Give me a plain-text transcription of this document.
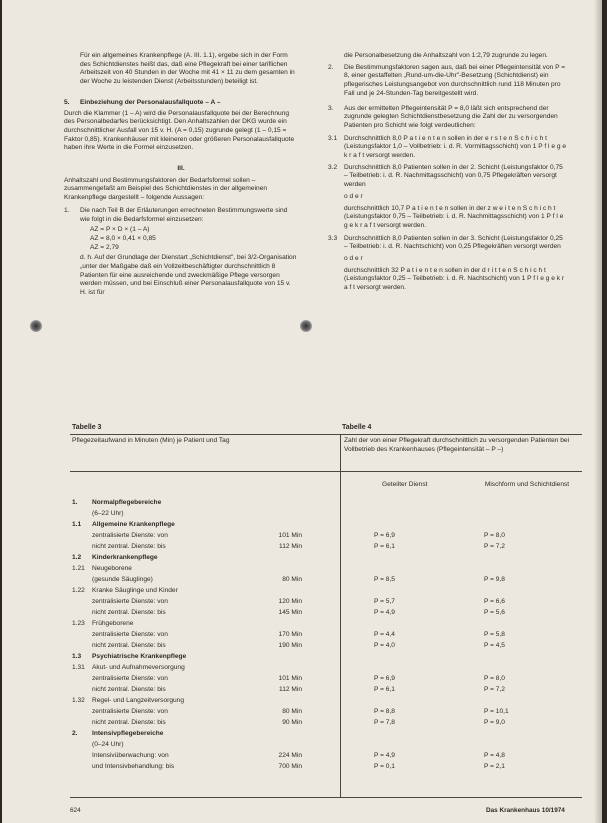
Für ein allgemeines Krankenpflege (A. III. 1.1), ergebe sich in der Form des Schichtdienstes heißt das, daß eine Pflegekraft bei einer tariflichen Arbeitszeit von 40 Stunden in der Woche mit 41 × 11 zu dem gesamten in der Woche zu leistenden Dienst (Arbeitsstunden) beteiligt ist.

5.	Einbeziehung der Personalausfallquote – A –

Durch die Klammer (1 – A) wird die Personalausfallquote bei der Berechnung des Personalbedarfes berücksichtigt. Den Anhaltszahlen der DKG wurde ein durchschnittlicher Ausfall von 15 v. H. (A = 0,15) zugrunde gelegt (1 – 0,15 = Faktor 0,85). Krankenhäuser mit kleineren oder größeren Personalausfallquote haben ihre Werte in die Formel einzusetzen.

III.

Anhaltszahl und Bestimmungsfaktoren der Bedarfsformel sollen – zusammengefaßt am Beispiel des Schichtdienstes in der allgemeinen Krankenpflege dargestellt – folgende Aussagen:

1.	Die nach Teil B der Erläuterungen errechneten Bestimmungswerte sind wie folgt in die Bedarfsformel einzusetzen:

AZ = P × D × (1 – A)
AZ = 8,0 × 0,41 × 0,85
AZ = 2,79

d. h. Auf der Grundlage der Dienstart „Schichtdienst", bei 3/2-Organisation „unter der Maßgabe daß ein Vollzeitbeschäftigter durchschnittlich 8 Patienten für eine ausreichende und zweckmäßige Pflege versorgen werden müssen, und bei Einschluß einer Personalausfallquote von 15 v. H. ist für

die Personalbesetzung die Anhaltszahl von 1:2,79 zugrunde zu legen.

2.	Die Bestimmungsfaktoren sagen aus, daß bei einer Pflegeintensität von P = 8, einer gestaffelten „Rund-um-die-Uhr"-Besetzung (Schichtdienst) ein pflegerisches Leistungsangebot von durchschnittlich rund 118 Minuten pro Fall und je 24-Stunden-Tag bereitgestellt wird.

3.	Aus der ermittelten Pflegeintensität P = 8,0 läßt sich entsprechend der zugrunde gelegten Schichtdienstbesetzung die Zahl der zu versorgenden Patienten pro Schicht wie folgt verdeutlichen:

3.1	Durchschnittlich 8,0 P a t i e n t e n sollen in der e r s t e n S c h i c h t (Leistungsfaktor 1,0 – Vollbetrieb: i. d. R. Vormittagsschicht) von 1 P f l e g e k r a f t versorgt werden.

3.2	Durchschnittlich 8,0 Patienten sollen in der 2. Schicht (Leistungsfaktor 0,75 – Teilbetrieb: i. d. R. Nachmittagsschicht) von 0,75 Pflegekräften versorgt werden

o d e r

durchschnittlich 10,7 P a t i e n t e n sollen in der z w e i t e n S c h i c h t (Leistungsfaktor 0,75 – Teilbetrieb: i. d. R. Nachmittagsschicht) von 1 P f l e g e k r a f t versorgt werden.

3.3	Durchschnittlich 8,0 Patienten sollen in der 3. Schicht (Leistungsfaktor 0,25 – Teilbetrieb: i. d. R. Nachtschicht) von 0,25 Pflegekräften versorgt werden

o d e r

durchschnittlich 32 P a t i e n t e n sollen in der d r i t t e n S c h i c h t (Leistungsfaktor 0,25 – Teilbetrieb: i. d. R. Nachtschicht) von 1 P f l e g e k r a f t versorgt werden.

Tabelle 3	Tabelle 4
Pflegezeitaufwand in Minuten (Min) je Patient und Tag	Zahl der von einer Pflegekraft durchschnittlich zu versorgenden Patienten bei Vollbetrieb des Krankenhauses (Pflegeintensität – P –)
Geteilter Dienst	Mischform und Schichtdienst
1.	Normalpflegebereiche			
	(6–22 Uhr)			
1.1	Allgemeine Krankenpflege			
	zentralisierte Dienste: von	101 Min	P = 6,9	P = 8,0
	nicht zentral. Dienste: bis	112 Min	P = 6,1	P = 7,2
1.2	Kinderkrankenpflege			
1.21	Neugeborene			
	(gesunde Säuglinge)	80 Min	P = 8,5	P = 9,8
1.22	Kranke Säuglinge und Kinder			
	zentralisierte Dienste: von	120 Min	P = 5,7	P = 6,6
	nicht zentral. Dienste: bis	145 Min	P = 4,9	P = 5,6
1.23	Frühgeborene			
	zentralisierte Dienste: von	170 Min	P = 4,4	P = 5,8
	nicht zentral. Dienste: bis	190 Min	P = 4,0	P = 4,5
1.3	Psychiatrische Krankenpflege			
1.31	Akut- und Aufnahmeversorgung			
	zentralisierte Dienste: von	101 Min	P = 6,9	P = 8,0
	nicht zentral. Dienste: bis	112 Min	P = 6,1	P = 7,2
1.32	Regel- und Langzeitversorgung			
	zentralisierte Dienste: von	80 Min	P = 8,8	P = 10,1
	nicht zentral. Dienste: bis	90 Min	P = 7,8	P = 9,0
2.	Intensivpflegebereiche			
	(0–24 Uhr)			
	Intensivüberwachung: von	224 Min	P = 4,9	P = 4,8
	und Intensivbehandlung: bis	700 Min	P = 0,1	P = 2,1
624	Das Krankenhaus 10/1974
